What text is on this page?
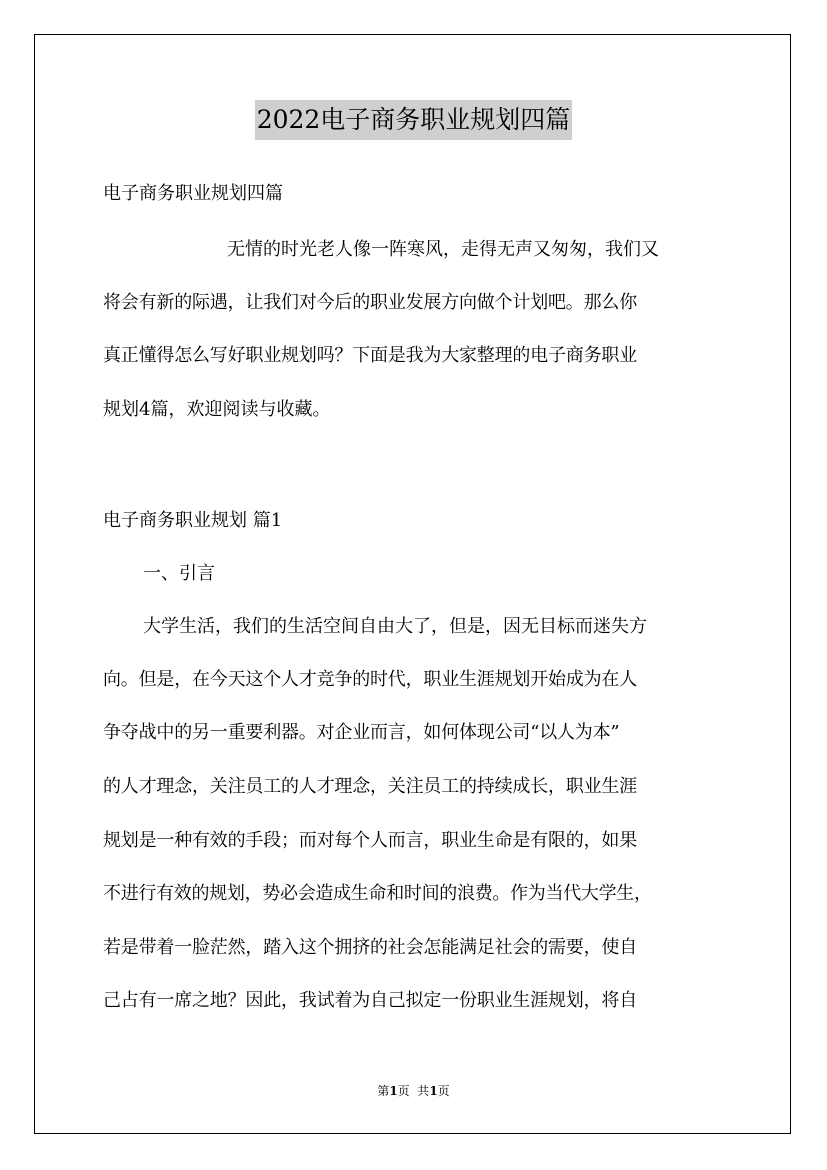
2022电子商务职业规划四篇

电子商务职业规划四篇

无情的时光老人像一阵寒风，走得无声又匆匆，我们又

将会有新的际遇，让我们对今后的职业发展方向做个计划吧。那么你

真正懂得怎么写好职业规划吗？下面是我为大家整理的电子商务职业

规划4篇，欢迎阅读与收藏。

电子商务职业规划 篇1

一、引言

大学生活，我们的生活空间自由大了，但是，因无目标而迷失方

向。但是，在今天这个人才竞争的时代，职业生涯规划开始成为在人

争夺战中的另一重要利器。对企业而言，如何体现公司“以人为本”

的人才理念，关注员工的人才理念，关注员工的持续成长，职业生涯

规划是一种有效的手段；而对每个人而言，职业生命是有限的，如果

不进行有效的规划，势必会造成生命和时间的浪费。作为当代大学生，

若是带着一脸茫然，踏入这个拥挤的社会怎能满足社会的需要，使自

己占有一席之地？因此，我试着为自己拟定一份职业生涯规划，将自

第1页  共1页
